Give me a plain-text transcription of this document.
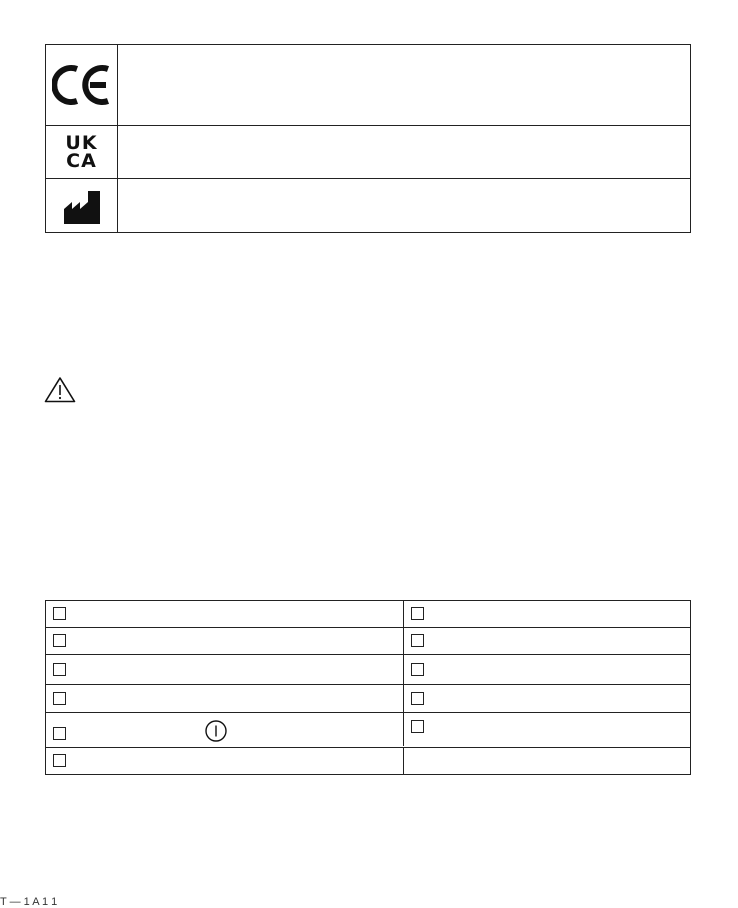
UK
CA
T — 1 A 1 1
